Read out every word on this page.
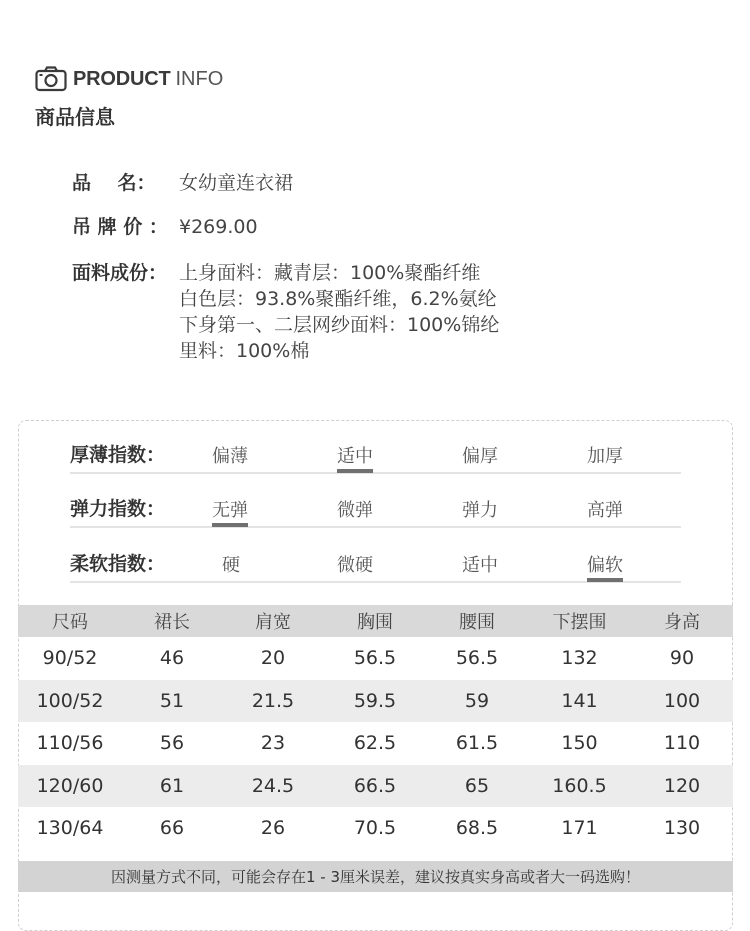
PRODUCT INFO
商品信息
品    名：	女幼童连衣裙
吊 牌 价 ： ¥269.00
面料成份： 上身面料：藏青层：100%聚酯纤维
白色层：93.8%聚酯纤维，6.2%氨纶
下身第一、二层网纱面料：100%锦纶
里料：100%棉
厚薄指数：	偏薄	适中	偏厚	加厚
弹力指数：	无弹	微弹	弹力	高弹
柔软指数：	硬	微硬	适中	偏软
尺码	裙长	肩宽	胸围	腰围	下摆围	身高
90/52	46	20	56.5	56.5	132	90
100/52	51	21.5	59.5	59	141	100
110/56	56	23	62.5	61.5	150	110
120/60	61	24.5	66.5	65	160.5	120
130/64	66	26	70.5	68.5	171	130
因测量方式不同，可能会存在1 - 3厘米误差，建议按真实身高或者大一码选购！
